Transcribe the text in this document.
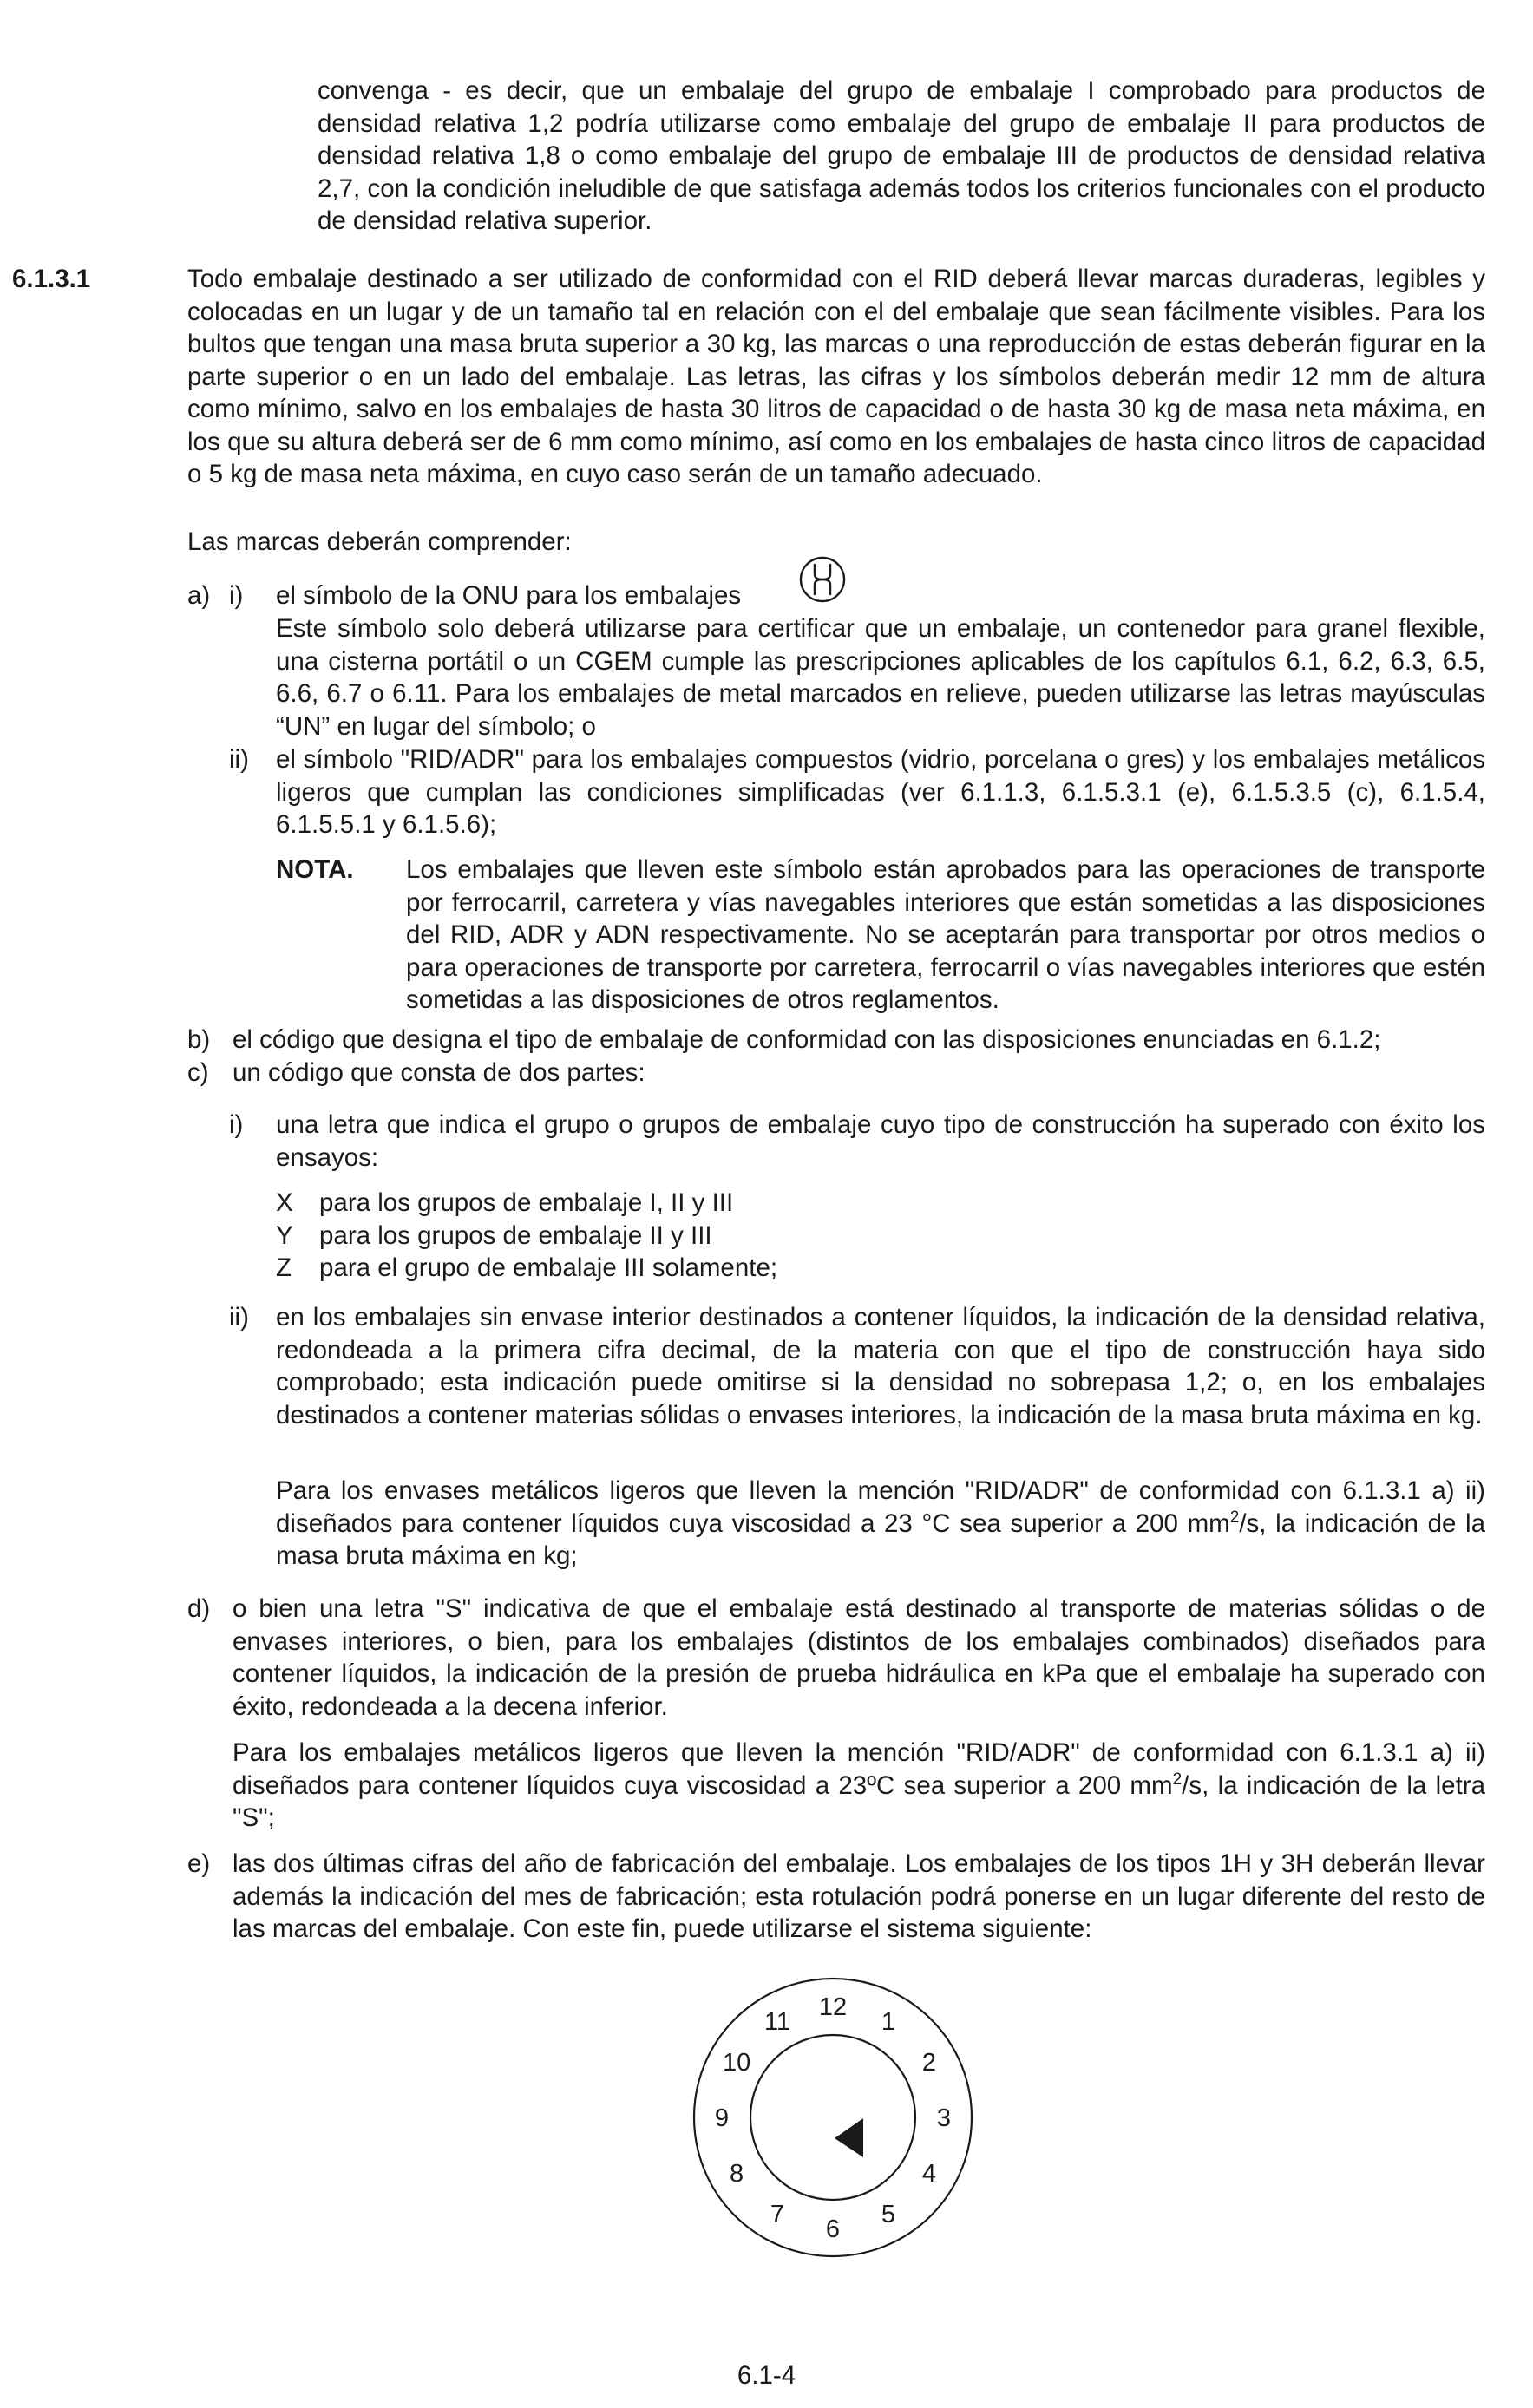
convenga - es decir, que un embalaje del grupo de embalaje I comprobado para productos de densidad relativa 1,2 podría utilizarse como embalaje del grupo de embalaje II para productos de densidad relativa 1,8 o como embalaje del grupo de embalaje III de productos de densidad relativa 2,7, con la condición ineludible de que satisfaga además todos los criterios funcionales con el producto de densidad relativa superior.

6.1.3.1	Todo embalaje destinado a ser utilizado de conformidad con el RID deberá llevar marcas duraderas, legibles y colocadas en un lugar y de un tamaño tal en relación con el del embalaje que sean fácilmente visibles. Para los bultos que tengan una masa bruta superior a 30 kg, las marcas o una reproducción de estas deberán figurar en la parte superior o en un lado del embalaje. Las letras, las cifras y los símbolos deberán medir 12 mm de altura como mínimo, salvo en los embalajes de hasta 30 litros de capacidad o de hasta 30 kg de masa neta máxima, en los que su altura deberá ser de 6 mm como mínimo, así como en los embalajes de hasta cinco litros de capacidad o 5 kg de masa neta máxima, en cuyo caso serán de un tamaño adecuado.

Las marcas deberán comprender:
a) i) el símbolo de la ONU para los embalajes

Este símbolo solo deberá utilizarse para certificar que un embalaje, un contenedor para granel flexible, una cisterna portátil o un CGEM cumple las prescripciones aplicables de los capítulos 6.1, 6.2, 6.3, 6.5, 6.6, 6.7 o 6.11. Para los embalajes de metal marcados en relieve, pueden utilizarse las letras mayúsculas “UN” en lugar del símbolo; o

ii) el símbolo "RID/ADR" para los embalajes compuestos (vidrio, porcelana o gres) y los embalajes metálicos ligeros que cumplan las condiciones simplificadas (ver 6.1.1.3, 6.1.5.3.1 (e), 6.1.5.3.5 (c), 6.1.5.4, 6.1.5.5.1 y 6.1.5.6);

NOTA. Los embalajes que lleven este símbolo están aprobados para las operaciones de transporte por ferrocarril, carretera y vías navegables interiores que están sometidas a las disposiciones del RID, ADR y ADN respectivamente. No se aceptarán para transportar por otros medios o para operaciones de transporte por carretera, ferrocarril o vías navegables interiores que estén sometidas a las disposiciones de otros reglamentos.

b) el código que designa el tipo de embalaje de conformidad con las disposiciones enunciadas en 6.1.2;

c) un código que consta de dos partes:
i) una letra que indica el grupo o grupos de embalaje cuyo tipo de construcción ha superado con éxito los ensayos:

X para los grupos de embalaje I, II y III
Y para los grupos de embalaje II y III
Z para el grupo de embalaje III solamente;
ii) en los embalajes sin envase interior destinados a contener líquidos, la indicación de la densidad relativa, redondeada a la primera cifra decimal, de la materia con que el tipo de construcción haya sido comprobado; esta indicación puede omitirse si la densidad no sobrepasa 1,2; o, en los embalajes destinados a contener materias sólidas o envases interiores, la indicación de la masa bruta máxima en kg.

Para los envases metálicos ligeros que lleven la mención "RID/ADR" de conformidad con 6.1.3.1 a) ii) diseñados para contener líquidos cuya viscosidad a 23 °C sea superior a 200 $mm^2/s$, la indicación de la masa bruta máxima en kg;

d) o bien una letra "S" indicativa de que el embalaje está destinado al transporte de materias sólidas o de envases interiores, o bien, para los embalajes (distintos de los embalajes combinados) diseñados para contener líquidos, la indicación de la presión de prueba hidráulica en kPa que el embalaje ha superado con éxito, redondeada a la decena inferior.

Para los embalajes metálicos ligeros que lleven la mención "RID/ADR" de conformidad con 6.1.3.1 a) ii) diseñados para contener líquidos cuya viscosidad a 23ºC sea superior a 200 $mm^2/s$, la indicación de la letra "S";

e) las dos últimas cifras del año de fabricación del embalaje. Los embalajes de los tipos 1H y 3H deberán llevar además la indicación del mes de fabricación; esta rotulación podrá ponerse en un lugar diferente del resto de las marcas del embalaje. Con este fin, puede utilizarse el sistema siguiente:

12
1
2
3
4
5
6
7
8
9
10
11
6.1-4
